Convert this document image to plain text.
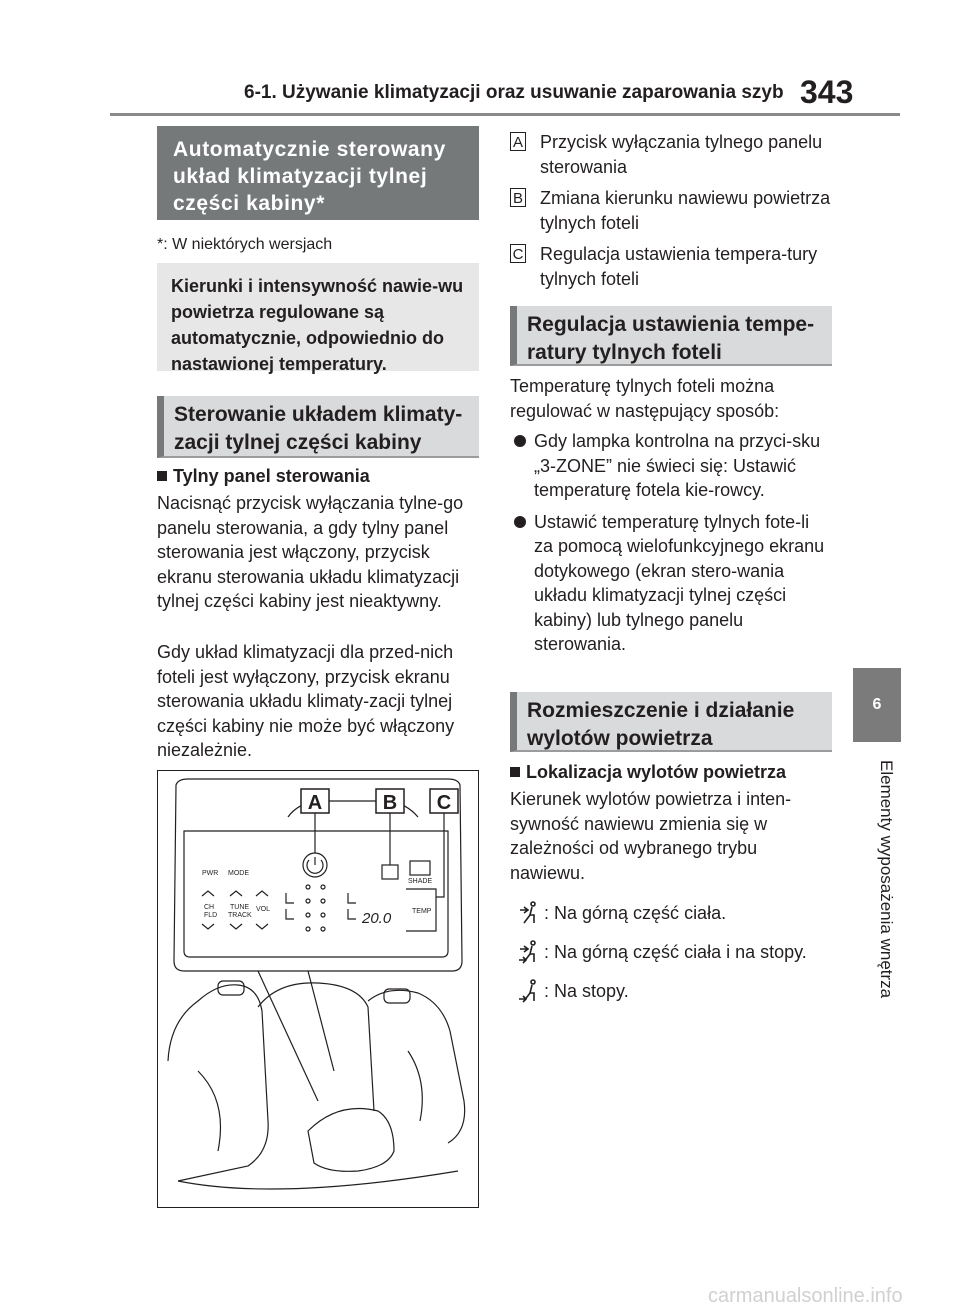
6-1. Używanie klimatyzacji oraz usuwanie zaparowania szyb 343
6
Elementy wyposażenia wnętrza
Automatycznie sterowany układ klimatyzacji tylnej części kabiny*
*: W niektórych wersjach
Kierunki i intensywność nawie-wu powietrza regulowane są automatycznie, odpowiednio do nastawionej temperatury.
Sterowanie układem klimaty-zacji tylnej części kabiny
Tylny panel sterowania
Nacisnąć przycisk wyłączania tylne-go panelu sterowania, a gdy tylny panel sterowania jest włączony, przycisk ekranu sterowania układu klimatyzacji tylnej części kabiny jest nieaktywny.
Gdy układ klimatyzacji dla przed-nich foteli jest wyłączony, przycisk ekranu sterowania układu klimaty-zacji tylnej części kabiny nie może być włączony niezależnie.
A	B C
PWR MODE
CH
FLD
TUNE
TRACK
VOL
SHADE
TEMP
20.0
A Przycisk wyłączania tylnego panelu sterowania
B Zmiana kierunku nawiewu powietrza tylnych foteli
C Regulacja ustawienia tempera-tury tylnych foteli
Regulacja ustawienia tempe-ratury tylnych foteli
Temperaturę tylnych foteli można regulować w następujący sposób:
Gdy lampka kontrolna na przyci-sku „3-ZONE” nie świeci się: Ustawić temperaturę fotela kie-rowcy.
Ustawić temperaturę tylnych fote-li za pomocą wielofunkcyjnego ekranu dotykowego (ekran stero-wania układu klimatyzacji tylnej części kabiny) lub tylnego panelu sterowania.
Rozmieszczenie i działanie wylotów powietrza
Lokalizacja wylotów powietrza
Kierunek wylotów powietrza i inten-sywność nawiewu zmienia się w zależności od wybranego trybu nawiewu.
: Na górną część ciała.
: Na górną część ciała i na stopy.
: Na stopy.
carmanualsonline.info
